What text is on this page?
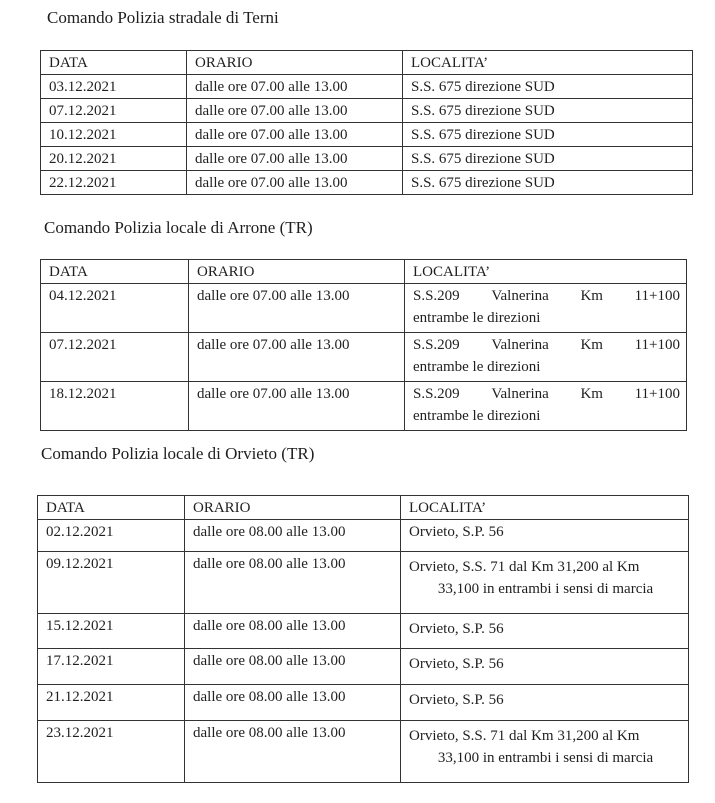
Comando Polizia stradale di Terni
DATA	ORARIO	LOCALITA’
03.12.2021	dalle ore 07.00 alle 13.00	S.S. 675 direzione SUD
07.12.2021	dalle ore 07.00 alle 13.00	S.S. 675 direzione SUD
10.12.2021	dalle ore 07.00 alle 13.00	S.S. 675 direzione SUD
20.12.2021	dalle ore 07.00 alle 13.00	S.S. 675 direzione SUD
22.12.2021	dalle ore 07.00 alle 13.00	S.S. 675 direzione SUD
Comando Polizia locale di Arrone (TR)
DATA	ORARIO	LOCALITA’
04.12.2021	dalle ore 07.00 alle 13.00	S.S.209 Valnerina Km 11+100
entrambe le direzioni

07.12.2021	dalle ore 07.00 alle 13.00	S.S.209 Valnerina Km 11+100
entrambe le direzioni

18.12.2021	dalle ore 07.00 alle 13.00	S.S.209 Valnerina Km 11+100
entrambe le direzioni
Comando Polizia locale di Orvieto (TR)
DATA	ORARIO	LOCALITA’
02.12.2021	dalle ore 08.00 alle 13.00	Orvieto, S.P. 56
09.12.2021	dalle ore 08.00 alle 13.00	Orvieto, S.S. 71 dal Km 31,200 al Km
33,100 in entrambi i sensi di marcia

15.12.2021	dalle ore 08.00 alle 13.00	Orvieto, S.P. 56
17.12.2021	dalle ore 08.00 alle 13.00	Orvieto, S.P. 56
21.12.2021	dalle ore 08.00 alle 13.00	Orvieto, S.P. 56
23.12.2021	dalle ore 08.00 alle 13.00	Orvieto, S.S. 71 dal Km 31,200 al Km
33,100 in entrambi i sensi di marcia
